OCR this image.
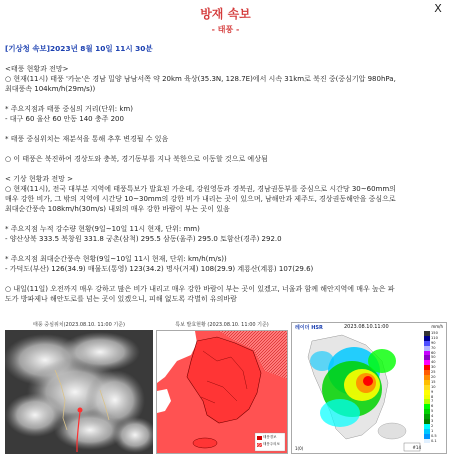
방재 속보	X
- 태풍 -

[기상청 속보]2023년 8월 10일 11시 30분

<태풍 현황과 전망>

○ 현재(11시) 태풍 '카눈'은 경남 밀양 남남서쪽 약 20km 육상(35.3N, 128.7E)에서 시속 31km로 북진 중(중심기압 980hPa,

최대풍속 104km/h(29m/s))

* 주요지점과 태풍 중심의 거리(단위: km)

- 대구 60 울산 60 안동 140 충주 200

* 태풍 중심위치는 재분석을 통해 추후 변경될 수 있음

○ 이 태풍은 북진하여 경상도와 충북, 경기동부를 지나 북한으로 이동할 것으로 예상됨

< 기상 현황과 전망 >

○ 현재(11시), 전국 대부분 지역에 태풍특보가 발효된 가운데, 강원영동과 경북권, 경남권동부를 중심으로 시간당 30~60mm의

매우 강한 비가, 그 밖의 지역에 시간당 10~30mm의 강한 비가 내리는 곳이 있으며, 남해안과 제주도, 경상권동해안을 중심으로

최대순간풍속 108km/h(30m/s) 내외의 매우 강한 바람이 부는 곳이 있음

* 주요지점 누적 강수량 현황(9일~10일 11시 현재, 단위: mm)

- 양산상북 333.5 북창원 331.8 궁촌(삼척) 295.5 삼동(울주) 295.0 토함산(경주) 292.0

* 주요지점 최대순간풍속 현황(9일~10일 11시 현재, 단위: km/h(m/s))

- 가덕도(부산) 126(34.9) 매물도(통영) 123(34.2) 명사(거제) 108(29.9) 계룡산(계룡) 107(29.6)

○ 내일(11일) 오전까지 매우 강하고 많은 비가 내리고 매우 강한 바람이 부는 곳이 있겠고, 너울과 함께 해안지역에 매우 높은 파

도가 방파제나 해안도로를 넘는 곳이 있겠으니, 피해 없도록 각별히 유의바람

태풍 중심위치(2023.08.10. 11:00 기준)	특보 발효현황 (2023.08.10. 11:00 기준)
태풍경보
태풍주의보
레이더 HSR	2023.08.10.11:00	mm/h
1(0)	#14
150
110
90
70
60
50
40
30
25
20
15
10
9
8
7
6
5
4
3
2
1
0.5
0.1
